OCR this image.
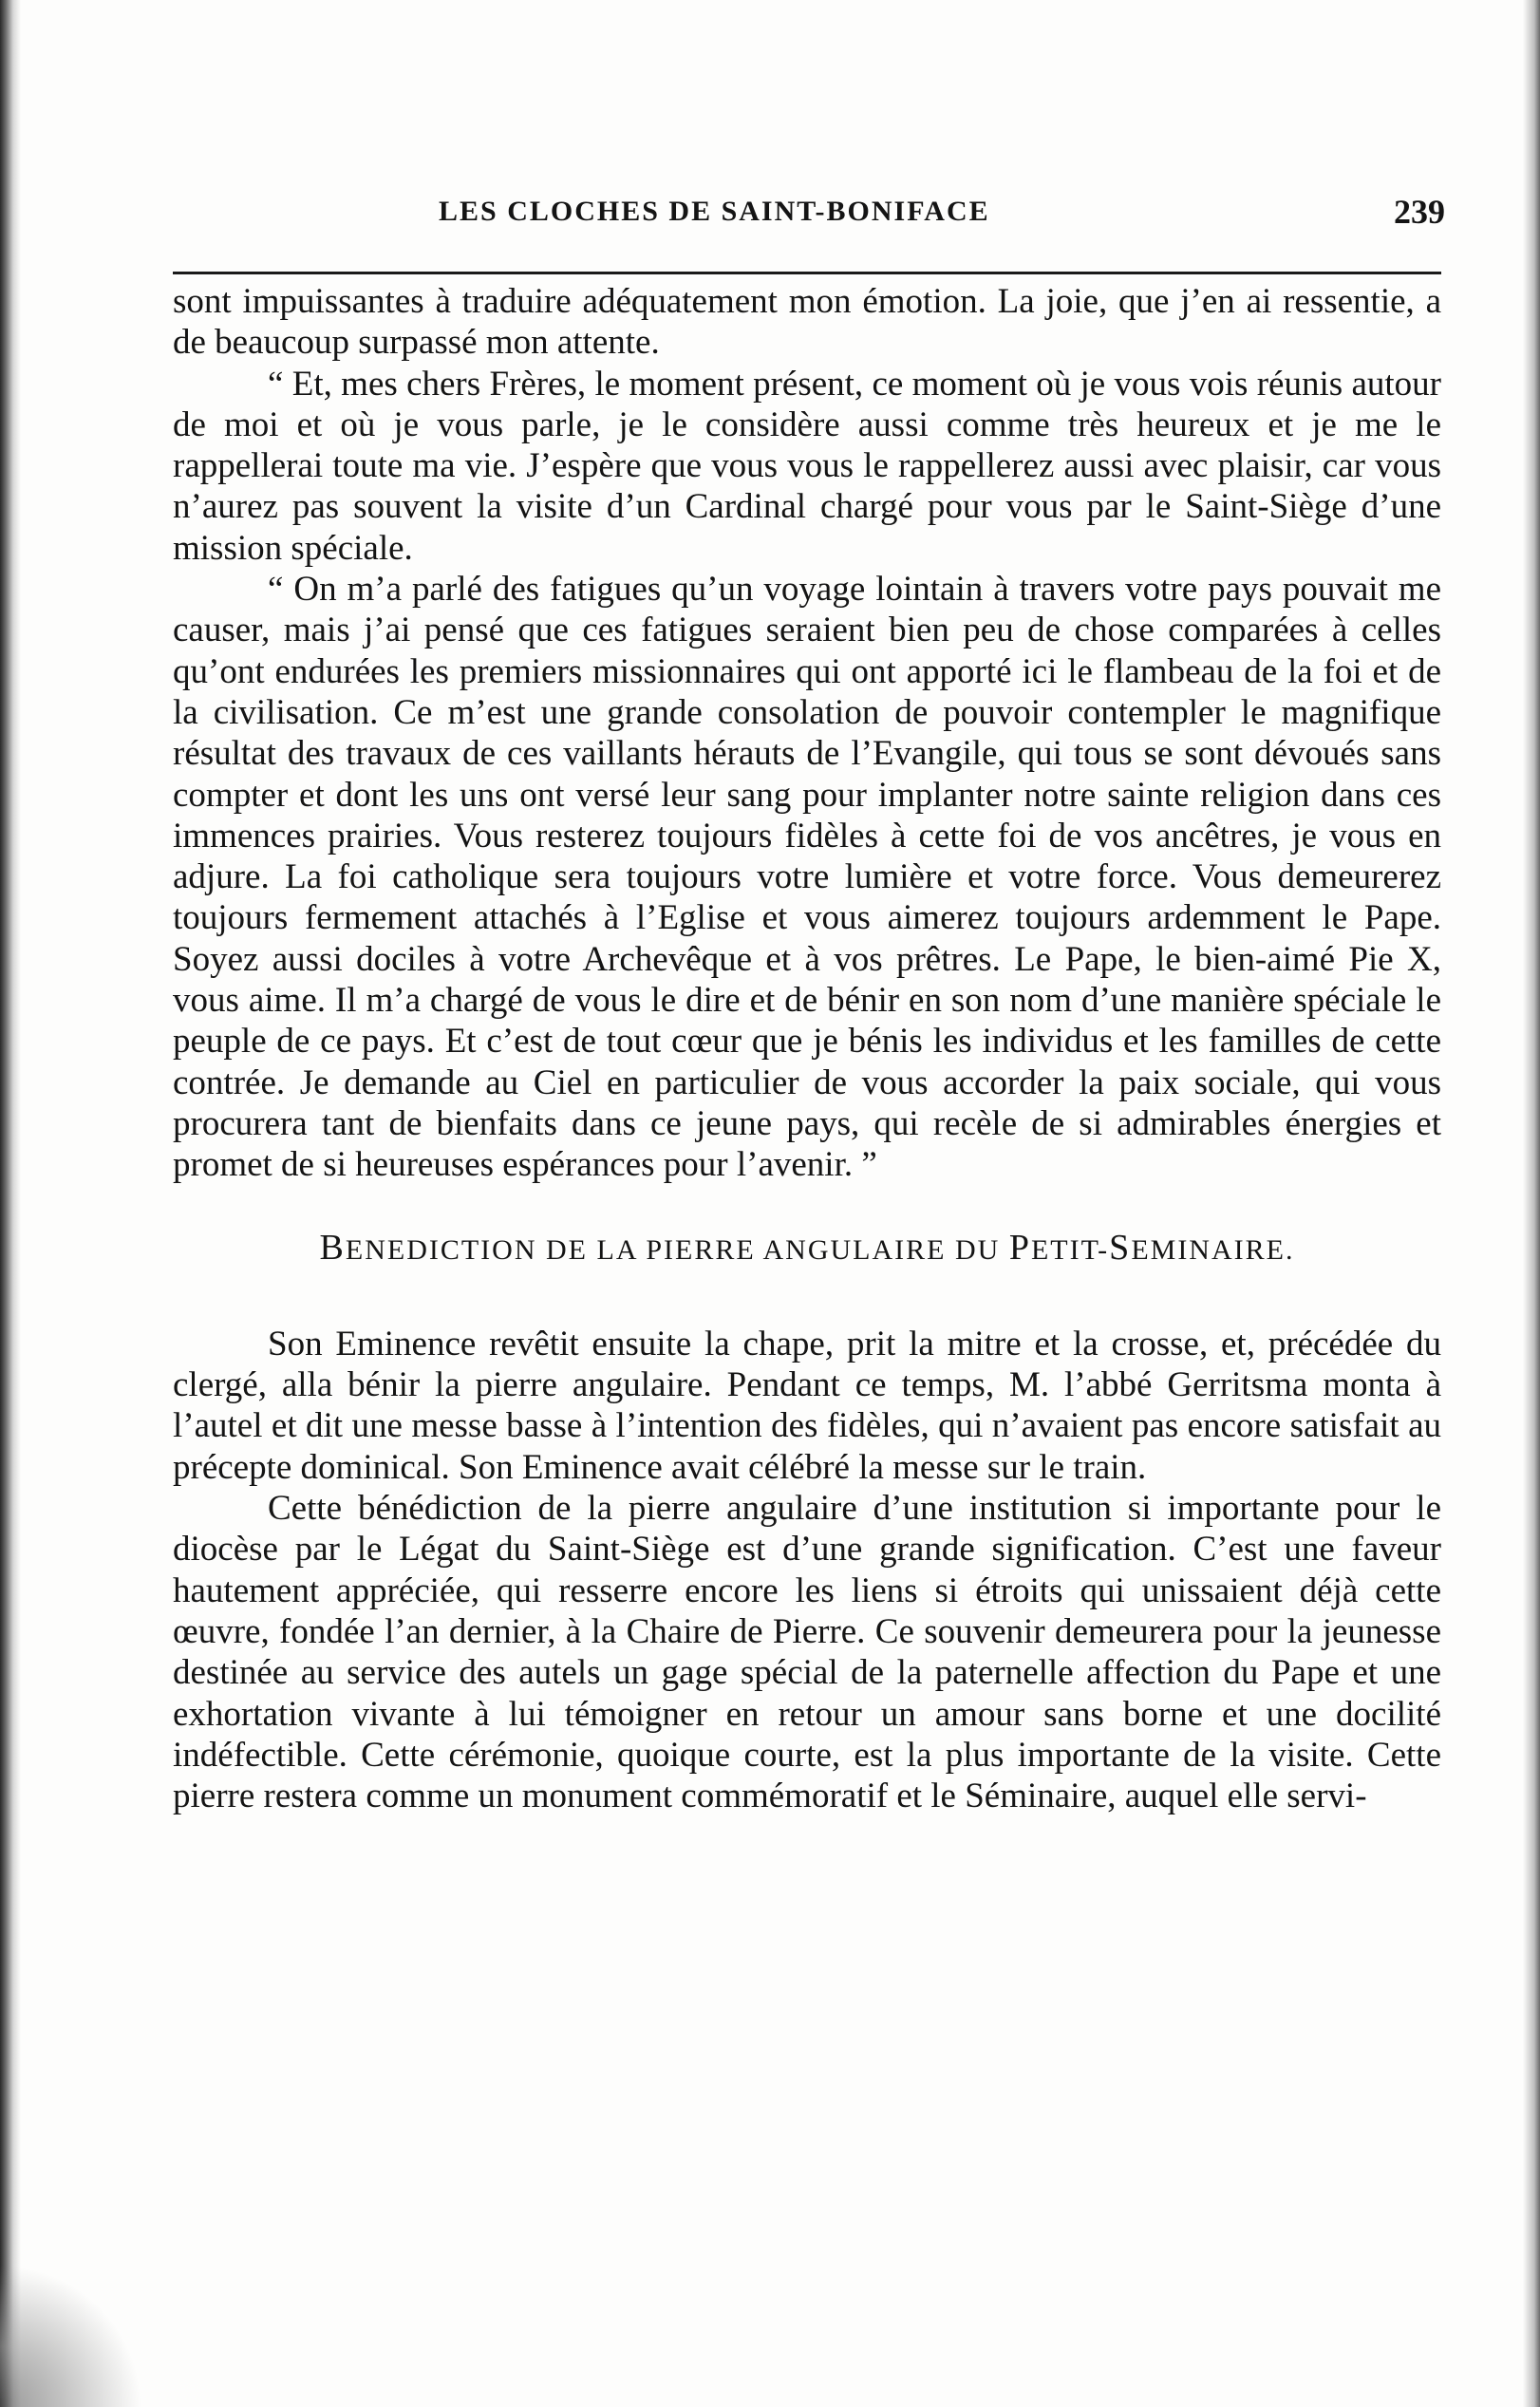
LES CLOCHES DE SAINT-BONIFACE	239

sont impuissantes à traduire adéquatement mon émotion. La joie, que j’en ai ressentie, a de beaucoup surpassé mon attente.

“ Et, mes chers Frères, le moment présent, ce moment où je vous vois réunis autour de moi et où je vous parle, je le considère aussi comme très heureux et je me le rappellerai toute ma vie. J’espère que vous vous le rappellerez aussi avec plaisir, car vous n’aurez pas souvent la visite d’un Cardinal chargé pour vous par le Saint-Siège d’une mission spéciale.

“ On m’a parlé des fatigues qu’un voyage lointain à travers votre pays pouvait me causer, mais j’ai pensé que ces fatigues seraient bien peu de chose comparées à celles qu’ont endurées les premiers missionnaires qui ont apporté ici le flambeau de la foi et de la civilisation. Ce m’est une grande consolation de pouvoir contempler le magnifique résultat des travaux de ces vaillants hérauts de l’Evangile, qui tous se sont dévoués sans compter et dont les uns ont versé leur sang pour implanter notre sainte religion dans ces immences prairies. Vous resterez toujours fidèles à cette foi de vos ancêtres, je vous en adjure. La foi catholique sera toujours votre lumière et votre force. Vous demeurerez toujours fermement attachés à l’Eglise et vous aimerez toujours ardemment le Pape. Soyez aussi dociles à votre Archevêque et à vos prêtres. Le Pape, le bien-aimé Pie X, vous aime. Il m’a chargé de vous le dire et de bénir en son nom d’une manière spéciale le peuple de ce pays. Et c’est de tout cœur que je bénis les individus et les familles de cette contrée. Je demande au Ciel en particulier de vous accorder la paix sociale, qui vous procurera tant de bienfaits dans ce jeune pays, qui recèle de si admirables énergies et promet de si heureuses espérances pour l’avenir. ”

BENEDICTION DE LA PIERRE ANGULAIRE DU PETIT-SEMINAIRE.

Son Eminence revêtit ensuite la chape, prit la mitre et la crosse, et, précédée du clergé, alla bénir la pierre angulaire. Pendant ce temps, M. l’abbé Gerritsma monta à l’autel et dit une messe basse à l’intention des fidèles, qui n’avaient pas encore satisfait au précepte dominical. Son Eminence avait célébré la messe sur le train.

Cette bénédiction de la pierre angulaire d’une institution si importante pour le diocèse par le Légat du Saint-Siège est d’une grande signification. C’est une faveur hautement appréciée, qui resserre encore les liens si étroits qui unissaient déjà cette œuvre, fondée l’an dernier, à la Chaire de Pierre. Ce souvenir demeurera pour la jeunesse destinée au service des autels un gage spécial de la paternelle affection du Pape et une exhortation vivante à lui témoigner en retour un amour sans borne et une docilité indéfectible. Cette cérémonie, quoique courte, est la plus importante de la visite. Cette pierre restera comme un monument commémoratif et le Séminaire, auquel elle servi-
